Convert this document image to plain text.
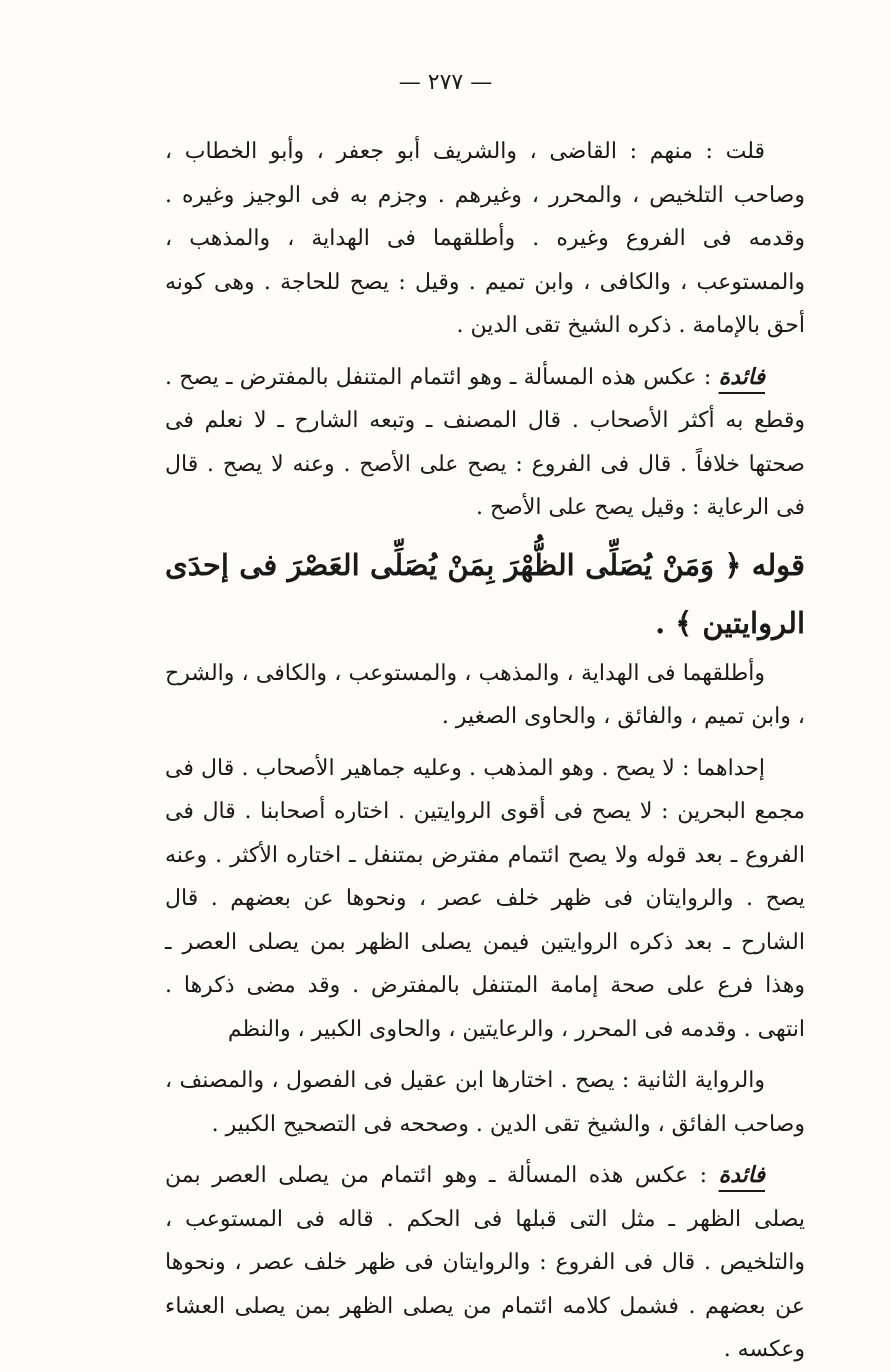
— ٢٧٧ —

قلت : منهم : القاضى ، والشريف أبو جعفر ، وأبو الخطاب ، وصاحب التلخيص ، والمحرر ، وغيرهم . وجزم به فى الوجيز وغيره . وقدمه فى الفروع وغيره . وأطلقهما فى الهداية ، والمذهب ، والمستوعب ، والكافى ، وابن تميم . وقيل : يصح للحاجة . وهى كونه أحق بالإمامة . ذكره الشيخ تقى الدين .

فائدة : عكس هذه المسألة ـ وهو ائتمام المتنفل بالمفترض ـ يصح . وقطع به أكثر الأصحاب . قال المصنف ـ وتبعه الشارح ـ لا نعلم فى صحتها خلافاً . قال فى الفروع : يصح على الأصح . وعنه لا يصح . قال فى الرعاية : وقيل يصح على الأصح .

قوله ﴿ وَمَنْ يُصَلِّى الظُّهْرَ بِمَنْ يُصَلِّى العَصْرَ فى إحدَى الروايتين ﴾ .

وأطلقهما فى الهداية ، والمذهب ، والمستوعب ، والكافى ، والشرح ، وابن تميم ، والفائق ، والحاوى الصغير .

إحداهما : لا يصح . وهو المذهب . وعليه جماهير الأصحاب . قال فى مجمع البحرين : لا يصح فى أقوى الروايتين . اختاره أصحابنا . قال فى الفروع ـ بعد قوله ولا يصح ائتمام مفترض بمتنفل ـ اختاره الأكثر . وعنه يصح . والروايتان فى ظهر خلف عصر ، ونحوها عن بعضهم . قال الشارح ـ بعد ذكره الروايتين فيمن يصلى الظهر بمن يصلى العصر ـ وهذا فرع على صحة إمامة المتنفل بالمفترض . وقد مضى ذكرها . انتهى . وقدمه فى المحرر ، والرعايتين ، والحاوى الكبير ، والنظم

والرواية الثانية : يصح . اختارها ابن عقيل فى الفصول ، والمصنف ، وصاحب الفائق ، والشيخ تقى الدين . وصححه فى التصحيح الكبير .

فائدة : عكس هذه المسألة ـ وهو ائتمام من يصلى العصر بمن يصلى الظهر ـ مثل التى قبلها فى الحكم . قاله فى المستوعب ، والتلخيص . قال فى الفروع : والروايتان فى ظهر خلف عصر ، ونحوها عن بعضهم . فشمل كلامه ائتمام من يصلى الظهر بمن يصلى العشاء وعكسه .
